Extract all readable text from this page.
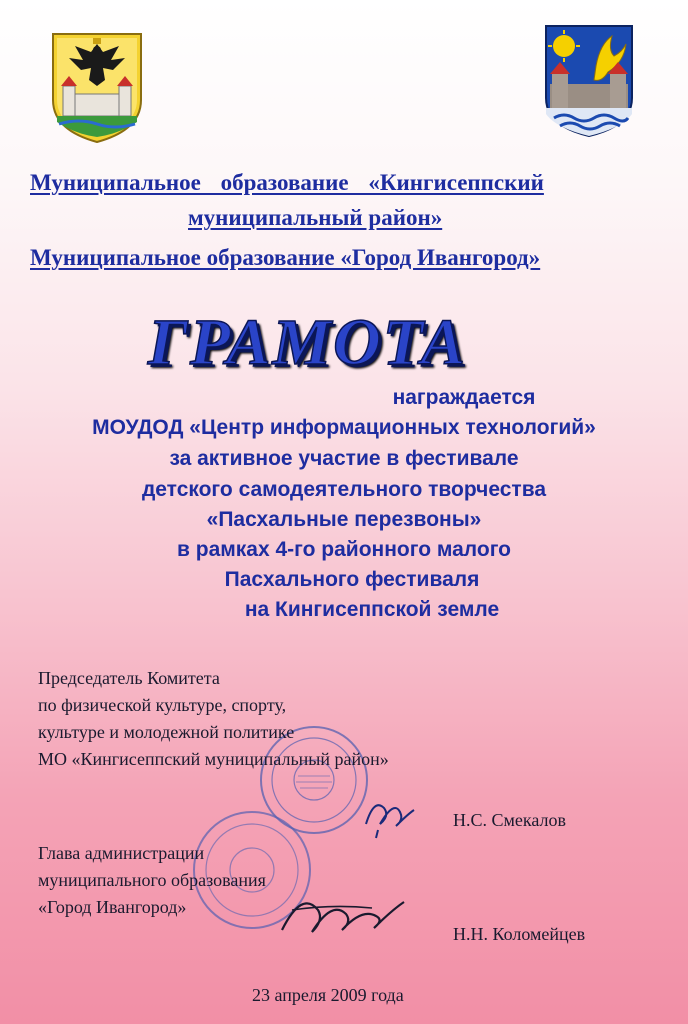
Муниципальное образование «Кингисеппский
муниципальный район»
Муниципальное образование «Город Ивангород»
ГРАМОТА
награждается
МОУДОД «Центр информационных технологий»
за активное участие в фестивале
детского самодеятельного творчества
«Пасхальные перезвоны»
в рамках 4-го районного малого
Пасхального фестиваля
на Кингисеппской земле
Председатель Комитета
по физической культуре, спорту,
культуре и молодежной политике
МО «Кингисеппский муниципальный район»
Н.С. Смекалов
Глава администрации
муниципального образования
«Город Ивангород»
Н.Н. Коломейцев
23 апреля 2009 года
